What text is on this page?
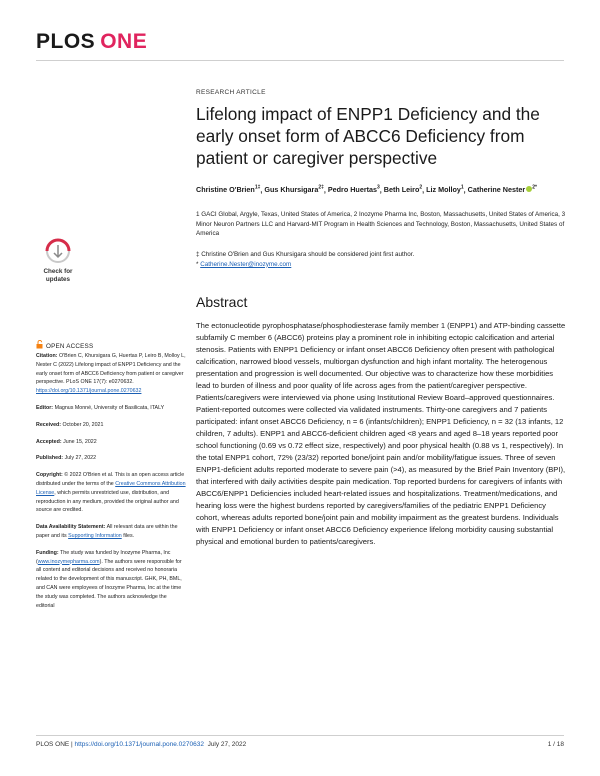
PLOS ONE
RESEARCH ARTICLE
Lifelong impact of ENPP1 Deficiency and the early onset form of ABCC6 Deficiency from patient or caregiver perspective
Christine O'Brien$^{1\ddagger}$, Gus Khursigara$^{2\ddagger}$, Pedro Huertas$^3$, Beth Leiro$^2$, Liz Molloy$^1$, Catherine Nester $^{2*}$
1 GACI Global, Argyle, Texas, United States of America, 2 Inozyme Pharma Inc, Boston, Massachusetts, United States of America, 3 Minor Neuron Partners LLC and Harvard-MIT Program in Health Sciences and Technology, Boston, Massachusetts, United States of America
‡ Christine O'Brien and Gus Khursigara should be considered joint first author.
* Catherine.Nester@inozyme.com
Check for
updates
OPEN ACCESS

Citation: O'Brien C, Khursigara G, Huertas P, Leiro B, Molloy L, Nester C (2022) Lifelong impact of ENPP1 Deficiency and the early onset form of ABCC6 Deficiency from patient or caregiver perspective. PLoS ONE 17(7): e0270632. https://doi.org/10.1371/journal.pone.0270632

Editor: Magnus Monné, University of Basilicata, ITALY

Received: October 20, 2021

Accepted: June 15, 2022

Published: July 27, 2022

Copyright: © 2022 O'Brien et al. This is an open access article distributed under the terms of the Creative Commons Attribution License, which permits unrestricted use, distribution, and reproduction in any medium, provided the original author and source are credited.

Data Availability Statement: All relevant data are within the paper and its Supporting Information files.

Funding: The study was funded by Inozyme Pharma, Inc (www.inozymepharma.com). The authors were responsible for all content and editorial decisions and received no honoraria related to the development of this manuscript. GHK, PH, BML, and CAN were employees of Inozyme Pharma, Inc at the time the study was completed. The authors acknowledge the editorial

Abstract

The ectonucleotide pyrophosphatase/phosphodiesterase family member 1 (ENPP1) and ATP-binding cassette subfamily C member 6 (ABCC6) proteins play a prominent role in inhibiting ectopic calcification and arterial stenosis. Patients with ENPP1 Deficiency or infant onset ABCC6 Deficiency often present with pathological calcification, narrowed blood vessels, multiorgan dysfunction and high infant mortality. The heterogenous presentation and progression is well documented. Our objective was to characterize how these morbidities lead to burden of illness and poor quality of life across ages from the patient/caregiver perspective. Patients/caregivers were interviewed via phone using Institutional Review Board–approved questionnaires. Patient-reported outcomes were collected via validated instruments. Thirty-one caregivers and 7 patients participated: infant onset ABCC6 Deficiency, n = 6 (infants/children); ENPP1 Deficiency, n = 32 (13 infants, 12 children, 7 adults). ENPP1 and ABCC6-deficient children aged <8 years and aged 8–18 years reported poor school functioning (0.69 vs 0.72 effect size, respectively) and poor physical health (0.88 vs 1, respectively). In the total ENPP1 cohort, 72% (23/32) reported bone/joint pain and/or mobility/fatigue issues. Three of seven ENPP1-deficient adults reported moderate to severe pain (>4), as measured by the Brief Pain Inventory (BPI), that interfered with daily activities despite pain medication. Top reported burdens for caregivers of infants with ABCC6/ENPP1 Deficiencies included heart-related issues and hospitalizations. Treatment/medications, and hearing loss were the highest burdens reported by caregivers/families of the pediatric ENPP1 Deficiency cohort, whereas adults reported bone/joint pain and mobility impairment as the greatest burdens. Individuals with ENPP1 Deficiency or infant onset ABCC6 Deficiency experience lifelong morbidity causing substantial physical and emotional burden to patients/caregivers.

PLOS ONE | https://doi.org/10.1371/journal.pone.0270632 July 27, 2022	1 / 18
